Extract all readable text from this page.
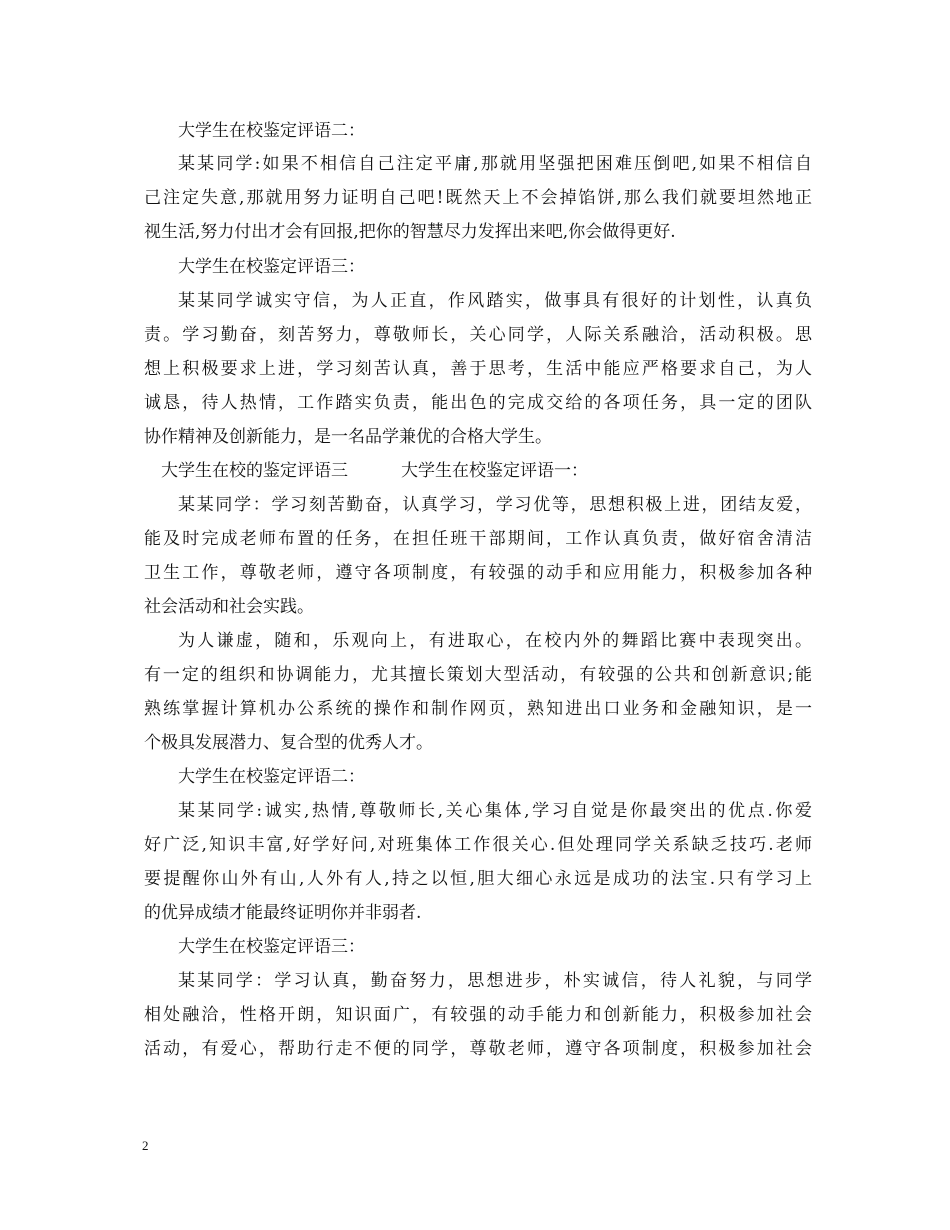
大学生在校鉴定评语二：
某某同学:如果不相信自己注定平庸,那就用坚强把困难压倒吧,如果不相信自
己注定失意,那就用努力证明自己吧!既然天上不会掉馅饼,那么我们就要坦然地正
视生活,努力付出才会有回报,把你的智慧尽力发挥出来吧,你会做得更好.
大学生在校鉴定评语三：
某某同学诚实守信，为人正直，作风踏实，做事具有很好的计划性，认真负
责。学习勤奋，刻苦努力，尊敬师长，关心同学，人际关系融洽，活动积极。思
想上积极要求上进，学习刻苦认真，善于思考，生活中能应严格要求自己，为人
诚恳，待人热情，工作踏实负责，能出色的完成交给的各项任务，具一定的团队
协作精神及创新能力，是一名品学兼优的合格大学生。
大学生在校的鉴定评语三	大学生在校鉴定评语一：
某某同学：学习刻苦勤奋，认真学习，学习优等，思想积极上进，团结友爱，
能及时完成老师布置的任务，在担任班干部期间，工作认真负责，做好宿舍清洁
卫生工作，尊敬老师，遵守各项制度，有较强的动手和应用能力，积极参加各种
社会活动和社会实践。
为人谦虚，随和，乐观向上，有进取心，在校内外的舞蹈比赛中表现突出。
有一定的组织和协调能力，尤其擅长策划大型活动，有较强的公共和创新意识;能
熟练掌握计算机办公系统的操作和制作网页，熟知进出口业务和金融知识，是一
个极具发展潜力、复合型的优秀人才。
大学生在校鉴定评语二：
某某同学:诚实,热情,尊敬师长,关心集体,学习自觉是你最突出的优点.你爱
好广泛,知识丰富,好学好问,对班集体工作很关心.但处理同学关系缺乏技巧.老师
要提醒你山外有山,人外有人,持之以恒,胆大细心永远是成功的法宝.只有学习上
的优异成绩才能最终证明你并非弱者.
大学生在校鉴定评语三：
某某同学：学习认真，勤奋努力，思想进步，朴实诚信，待人礼貌，与同学
相处融洽，性格开朗，知识面广，有较强的动手能力和创新能力，积极参加社会
活动，有爱心，帮助行走不便的同学，尊敬老师，遵守各项制度，积极参加社会
2
